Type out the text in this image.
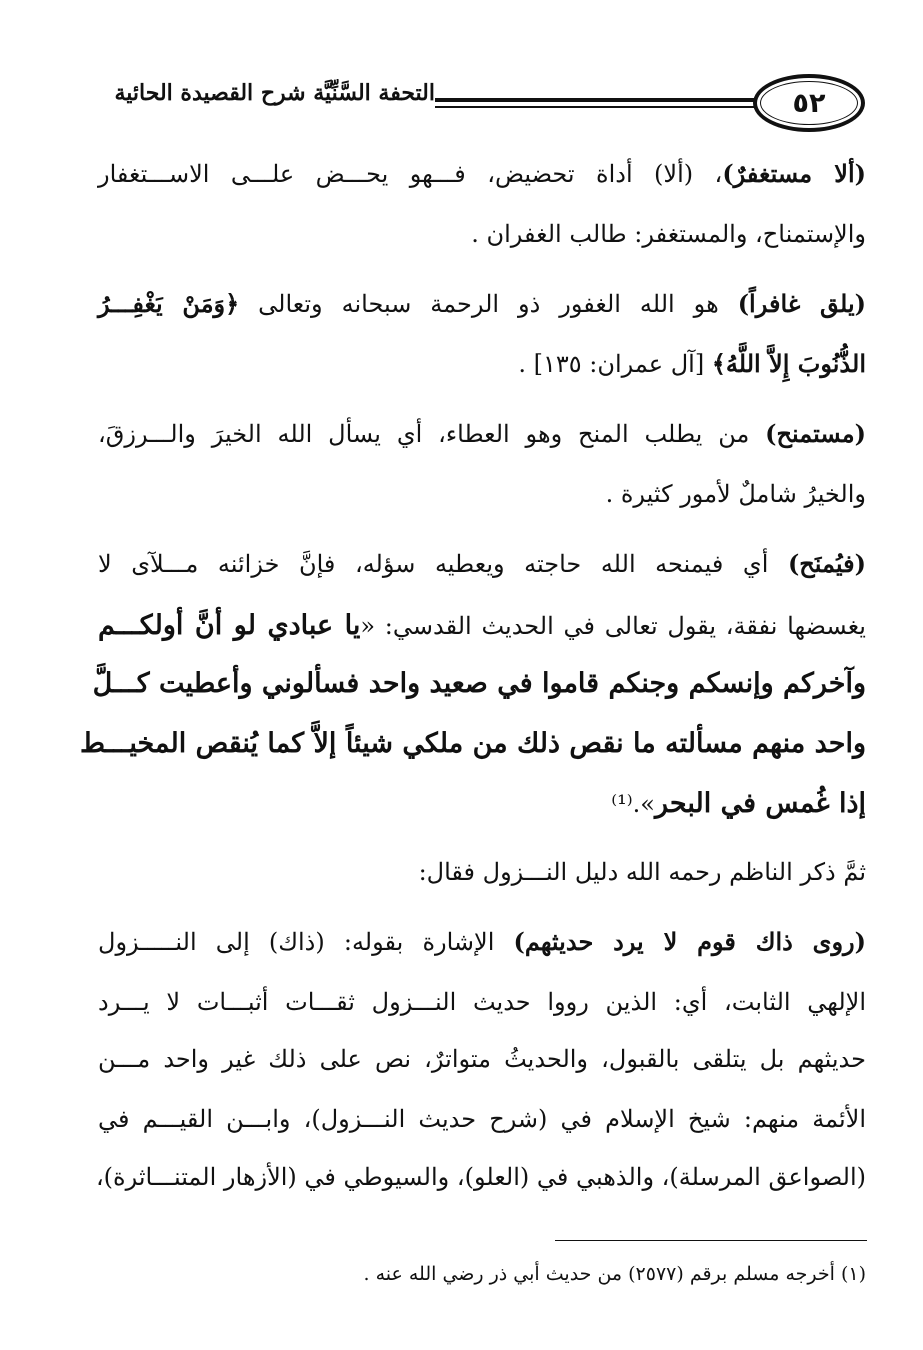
٥٢
التحفة السَّنِّيَّة شرح القصيدة الحائية
(ألا مستغفرٌ)، (ألا) أداة تحضيض، فـــهو يحـــض علـــى الاســـتغفار
والإستمناح، والمستغفر: طالب الغفران .
(يلق غافراً) هو الله الغفور ذو الرحمة سبحانه وتعالى ﴿وَمَنْ يَغْفِـــرُ
الذُّنُوبَ إِلاَّ اللَّهُ﴾ [آل عمران: ١٣٥] .
(مستمنح) من يطلب المنح وهو العطاء، أي يسأل الله الخيرَ والـــرزقَ،
والخيرُ شاملٌ لأمور كثيرة .
(فيُمنَح) أي فيمنحه الله حاجته ويعطيه سؤله، فإنَّ خزائنه مـــلآى لا
يغسضها نفقة، يقول تعالى في الحديث القدسي: «يا عبادي لو أنَّ أولكـــم
وآخركم وإنسكم وجنكم قاموا في صعيد واحد فسألوني وأعطيت كـــلَّ
واحد منهم مسألته ما نقص ذلك من ملكي شيئاً إلاَّ كما يُنقص المخيـــط
إذا غُمس في البحر».⁽¹⁾
ثمَّ ذكر الناظم رحمه الله دليل النـــزول فقال:
(روى ذاك قوم لا يرد حديثهم) الإشارة بقوله: (ذاك) إلى النـــــزول
الإلهي الثابت، أي: الذين رووا حديث النـــزول ثقـــات أثبـــات لا يـــرد
حديثهم بل يتلقى بالقبول، والحديثُ متواترٌ، نص على ذلك غير واحد مـــن
الأئمة منهم: شيخ الإسلام في (شرح حديث النـــزول)، وابـــن القيـــم في
(الصواعق المرسلة)، والذهبي في (العلو)، والسيوطي في (الأزهار المتنـــاثرة)،
(١) أخرجه مسلم برقم (٢٥٧٧) من حديث أبي ذر رضي الله عنه .
